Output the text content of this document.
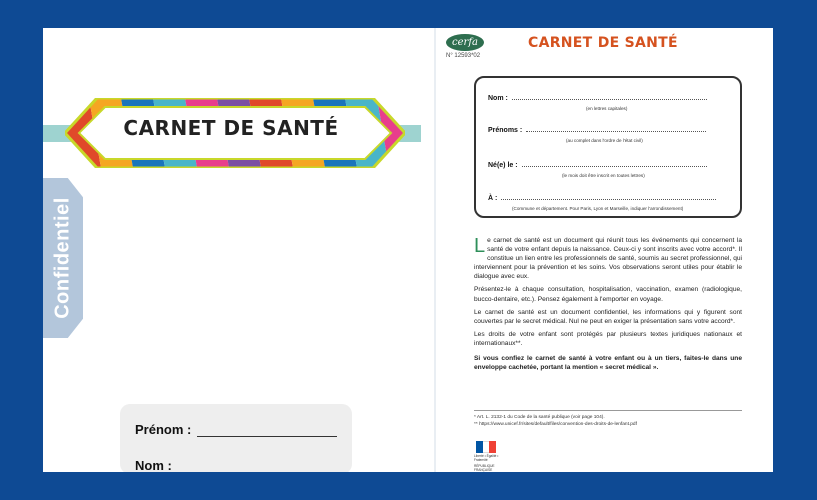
CARNET DE SANTÉ
Confidentiel
Prénom :
Nom :
cerfa
N° 12593*02
CARNET DE SANTÉ
Nom :
(en lettres capitales)
Prénoms :
(au complet dans l'ordre de l'état civil)
Né(e) le :
(le mois doit être inscrit en toutes lettres)
À :
(Commune et département. Pour Paris, Lyon et Marseille, indiquer l'arrondissement)

Le carnet de santé est un document qui réunit tous les événements qui concernent la santé de votre enfant depuis la naissance. Ceux-ci y sont inscrits avec votre accord*. Il constitue un lien entre les professionnels de santé, soumis au secret professionnel, qui interviennent pour la prévention et les soins. Vos observations seront utiles pour établir le dialogue avec eux.

Présentez-le à chaque consultation, hospitalisation, vaccination, examen (radiologique, bucco-dentaire, etc.). Pensez également à l'emporter en voyage.

Le carnet de santé est un document confidentiel, les informations qui y figurent sont couvertes par le secret médical. Nul ne peut en exiger la présentation sans votre accord*.

Les droits de votre enfant sont protégés par plusieurs textes juridiques nationaux et internationaux**.

Si vous confiez le carnet de santé à votre enfant ou à un tiers, faites-le dans une enveloppe cachetée, portant la mention « secret médical ».

* Art. L. 2132-1 du Code de la santé publique (voir page 104).
** https://www.unicef.fr/sites/default/files/convention-des-droits-de-lenfant.pdf
Liberté • Égalité • Fraternité
RÉPUBLIQUE FRANÇAISE
